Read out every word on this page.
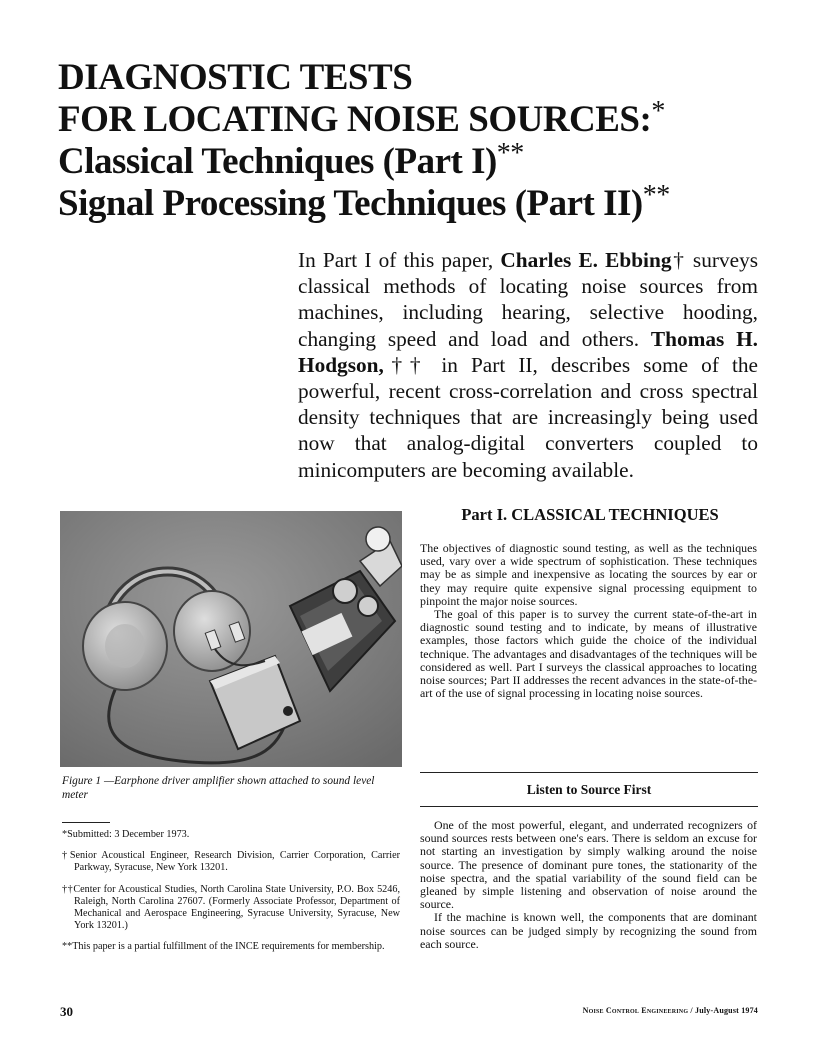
DIAGNOSTIC TESTS
FOR LOCATING NOISE SOURCES:*
Classical Techniques (Part I)**
Signal Processing Techniques (Part II)**
In Part I of this paper, Charles E. Ebbing† surveys classical methods of locating noise sources from machines, including hearing, selective hooding, changing speed and load and others. Thomas H. Hodgson,†† in Part II, describes some of the powerful, recent cross-correlation and cross spectral density techniques that are increasingly being used now that analog-digital converters coupled to minicomputers are becoming available.
Figure 1 —Earphone driver amplifier shown attached to sound level meter

*Submitted: 3 December 1973.

†Senior Acoustical Engineer, Research Division, Carrier Corporation, Carrier Parkway, Syracuse, New York 13201.

††Center for Acoustical Studies, North Carolina State University, P.O. Box 5246, Raleigh, North Carolina 27607. (Formerly Associate Professor, Department of Mechanical and Aerospace Engineering, Syracuse University, Syracuse, New York 13201.)

**This paper is a partial fulfillment of the INCE requirements for membership.

Part I. CLASSICAL TECHNIQUES

The objectives of diagnostic sound testing, as well as the techniques used, vary over a wide spectrum of sophistication. These techniques may be as simple and inexpensive as locating the sources by ear or they may require quite expensive signal processing equipment to pinpoint the major noise sources.

The goal of this paper is to survey the current state-of-the-art in diagnostic sound testing and to indicate, by means of illustrative examples, those factors which guide the choice of the individual technique. The advantages and disadvantages of the techniques will be considered as well. Part I surveys the classical approaches to locating noise sources; Part II addresses the recent advances in the state-of-the-art of the use of signal processing in locating noise sources.

Listen to Source First

One of the most powerful, elegant, and underrated recognizers of sound sources rests between one's ears. There is seldom an excuse for not starting an investigation by simply walking around the noise source. The presence of dominant pure tones, the stationarity of the noise spectra, and the spatial variability of the sound field can be gleaned by simple listening and observation of noise around the source.

If the machine is known well, the components that are dominant noise sources can be judged simply by recognizing the sound from each source.

30	Noise Control Engineering / July-August 1974
